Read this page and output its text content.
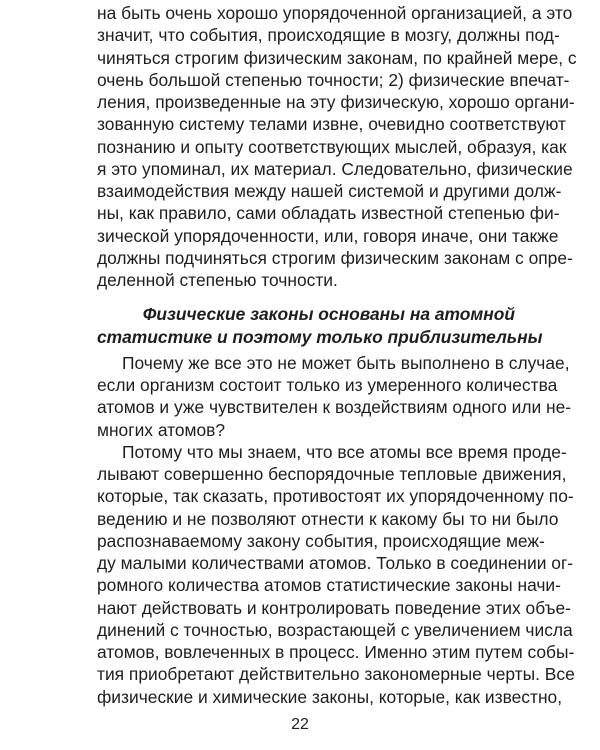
на быть очень хорошо упорядоченной организацией, а это

значит, что события, происходящие в мозгу, должны под-

чиняться строгим физическим законам, по крайней мере, с

очень большой степенью точности; 2) физические впечат-

ления, произведенные на эту физическую, хорошо органи-

зованную систему телами извне, очевидно соответствуют

познанию и опыту соответствующих мыслей, образуя, как

я это упоминал, их материал. Следовательно, физические

взаимодействия между нашей системой и другими долж-

ны, как правило, сами обладать известной степенью фи-

зической упорядоченности, или, говоря иначе, они также

должны подчиняться строгим физическим законам с опре-

деленной степенью точности.

Физические законы основаны на атомной

статистике и поэтому только приблизительны

Почему же все это не может быть выполнено в случае,

если организм состоит только из умеренного количества

атомов и уже чувствителен к воздействиям одного или не-

многих атомов?

Потому что мы знаем, что все атомы все время проде-

лывают совершенно беспорядочные тепловые движения,

которые, так сказать, противостоят их упорядоченному по-

ведению и не позволяют отнести к какому бы то ни было

распознаваемому закону события, происходящие меж-

ду малыми количествами атомов. Только в соединении ог-

ромного количества атомов статистические законы начи-

нают действовать и контролировать поведение этих объе-

динений с точностью, возрастающей с увеличением числа

атомов, вовлеченных в процесс. Именно этим путем собы-

тия приобретают действительно закономерные черты. Все

физические и химические законы, которые, как известно,

22
